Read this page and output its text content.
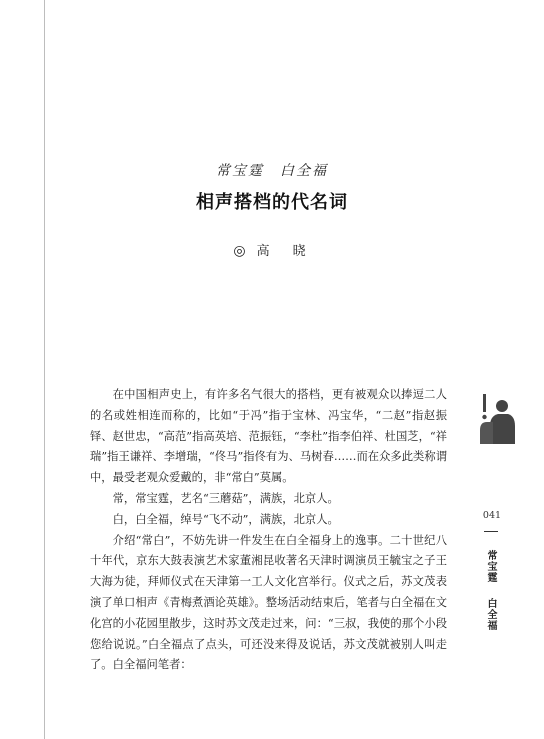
常宝霆　白全福
相声搭档的代名词
◎ 高　晓

在中国相声史上，有许多名气很大的搭档，更有被观众以捧逗二人的名或姓相连而称的，比如“于冯”指于宝林、冯宝华，“二赵”指赵振铎、赵世忠，“高范”指高英培、范振钰，“李杜”指李伯祥、杜国芝，“祥瑞”指王谦祥、李增瑞，“佟马”指佟有为、马树春……而在众多此类称谓中，最受老观众爱戴的，非“常白”莫属。

常，常宝霆，艺名“三蘑菇”，满族，北京人。

白，白全福，绰号“飞不动”，满族，北京人。

介绍“常白”，不妨先讲一件发生在白全福身上的逸事。二十世纪八十年代，京东大鼓表演艺术家董湘昆收著名天津时调演员王毓宝之子王大海为徒，拜师仪式在天津第一工人文化宫举行。仪式之后，苏文茂表演了单口相声《青梅煮酒论英雄》。整场活动结束后，笔者与白全福在文化宫的小花园里散步，这时苏文茂走过来，问：“三叔，我使的那个小段您给说说。”白全福点了点头，可还没来得及说话，苏文茂就被别人叫走了。白全福问笔者：

041
常宝霆
白全福
